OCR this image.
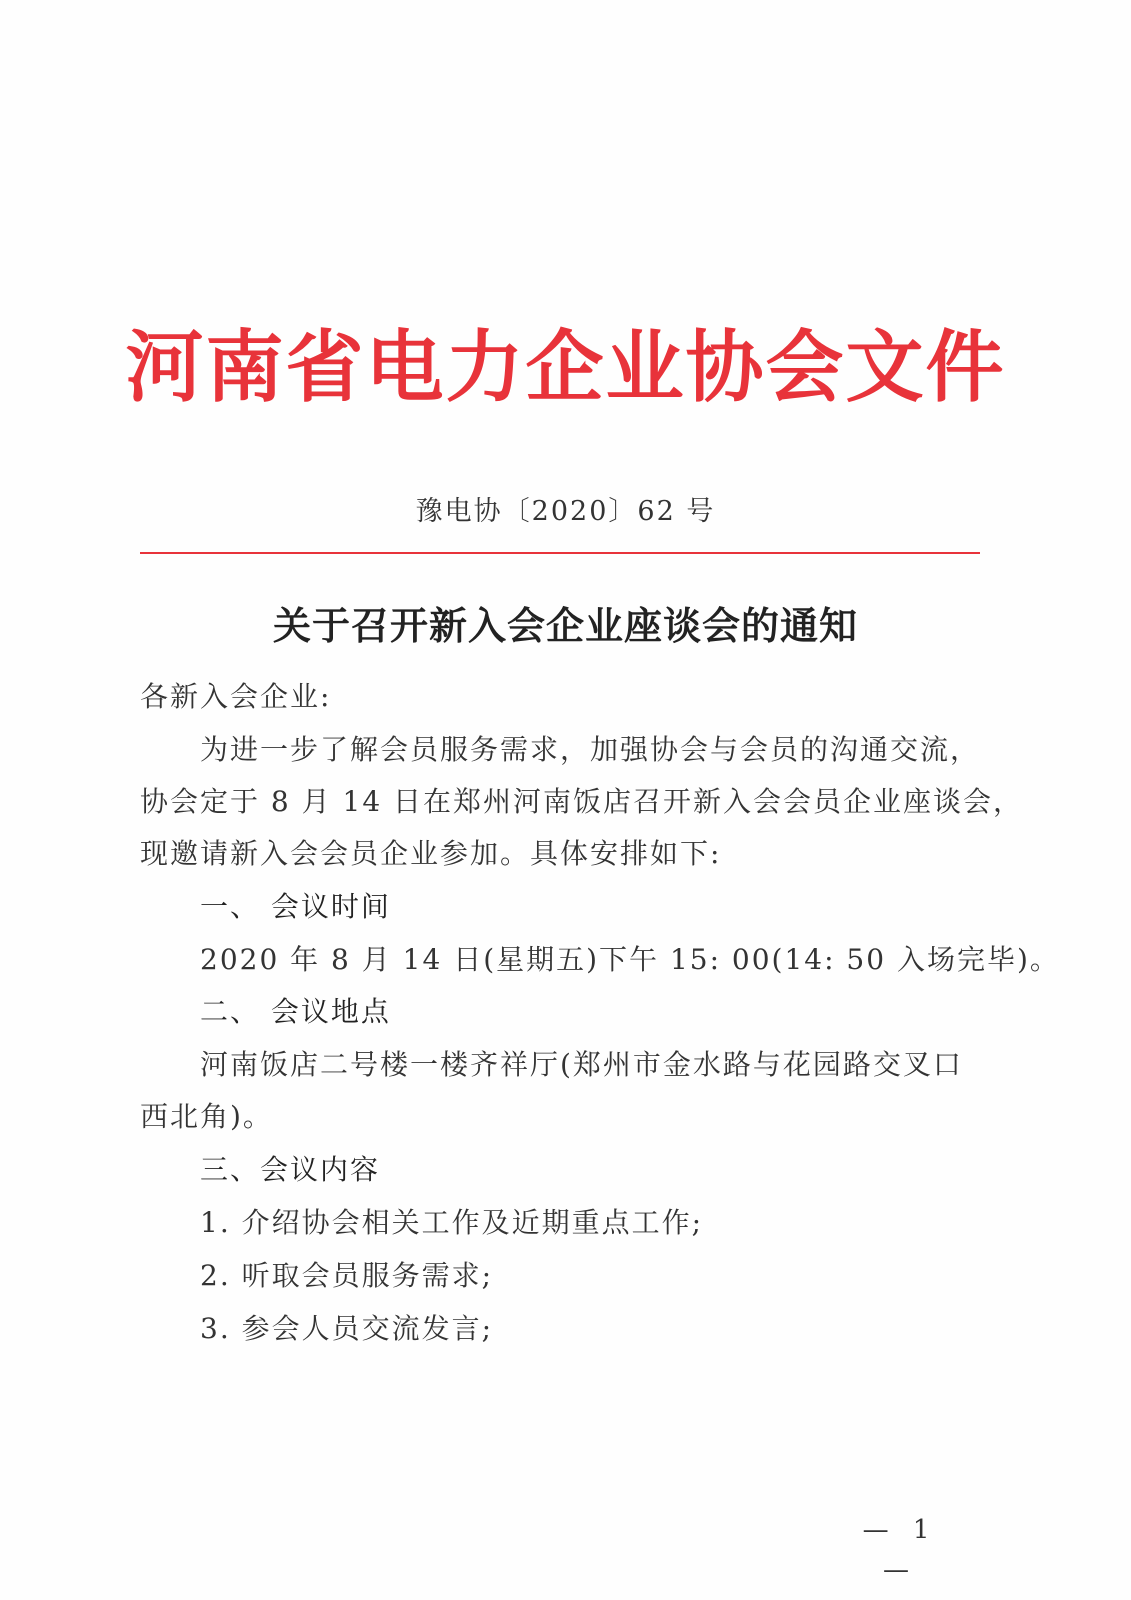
河南省电力企业协会文件
豫电协〔2020〕62 号
关于召开新入会企业座谈会的通知
各新入会企业:
为进一步了解会员服务需求，加强协会与会员的沟通交流，
协会定于 8 月 14 日在郑州河南饭店召开新入会会员企业座谈会，
现邀请新入会会员企业参加。具体安排如下:
一、 会议时间
2020 年 8 月 14 日(星期五)下午 15: 00(14: 50 入场完毕)。
二、 会议地点
河南饭店二号楼一楼齐祥厅(郑州市金水路与花园路交叉口
西北角)。
三、会议内容
1. 介绍协会相关工作及近期重点工作;
2. 听取会员服务需求;
3. 参会人员交流发言;
— 1 —
